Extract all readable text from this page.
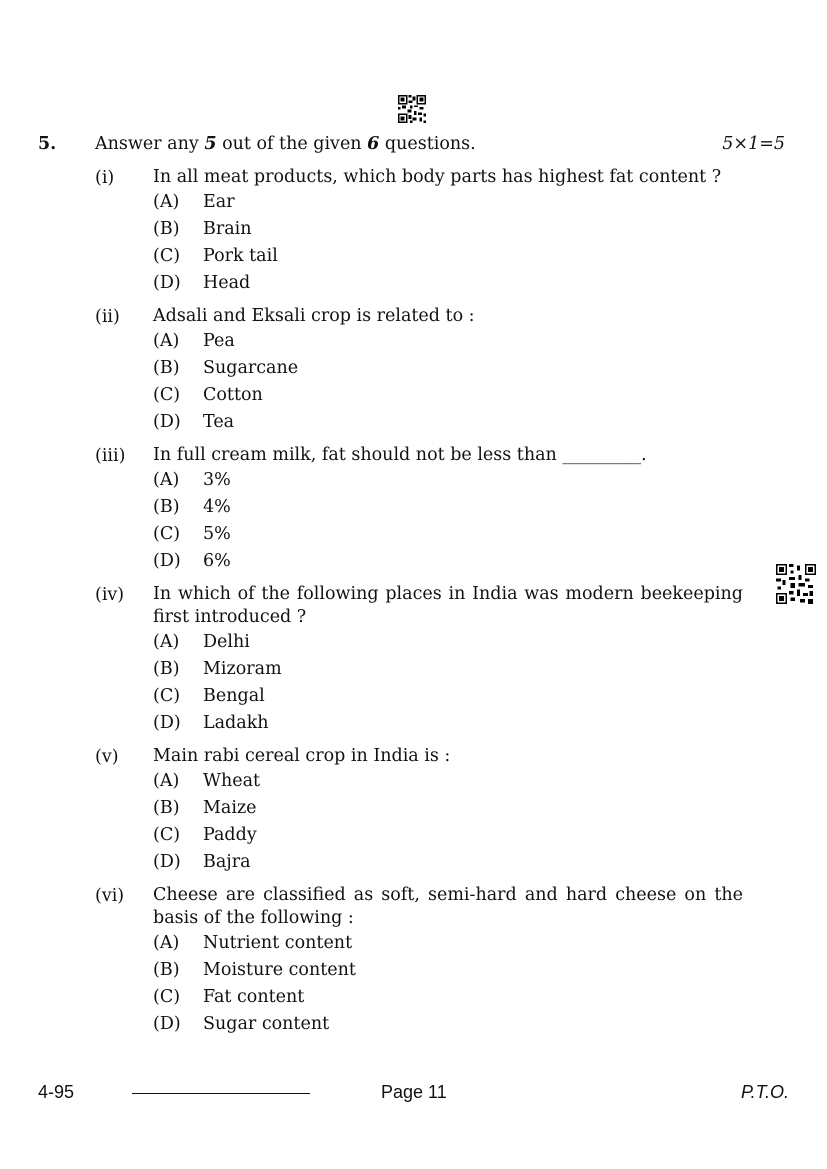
5. Answer any 5 out of the given 6 questions.	5×1=5
(i) In all meat products, which body parts has highest fat content ?
(A) Ear
(B) Brain
(C) Pork tail
(D) Head
(ii) Adsali and Eksali crop is related to :
(A) Pea
(B) Sugarcane
(C) Cotton
(D) Tea
(iii) In full cream milk, fat should not be less than _________.
(A) 3%
(B) 4%
(C) 5%
(D) 6%
(iv) In which of the following places in India was modern beekeeping first introduced ?
(A) Delhi
(B) Mizoram
(C) Bengal
(D) Ladakh
(v) Main rabi cereal crop in India is :
(A) Wheat
(B) Maize
(C) Paddy
(D) Bajra
(vi) Cheese are classified as soft, semi-hard and hard cheese on the basis of the following :
(A) Nutrient content
(B) Moisture content
(C) Fat content
(D) Sugar content
4-95	Page 11	P.T.O.
